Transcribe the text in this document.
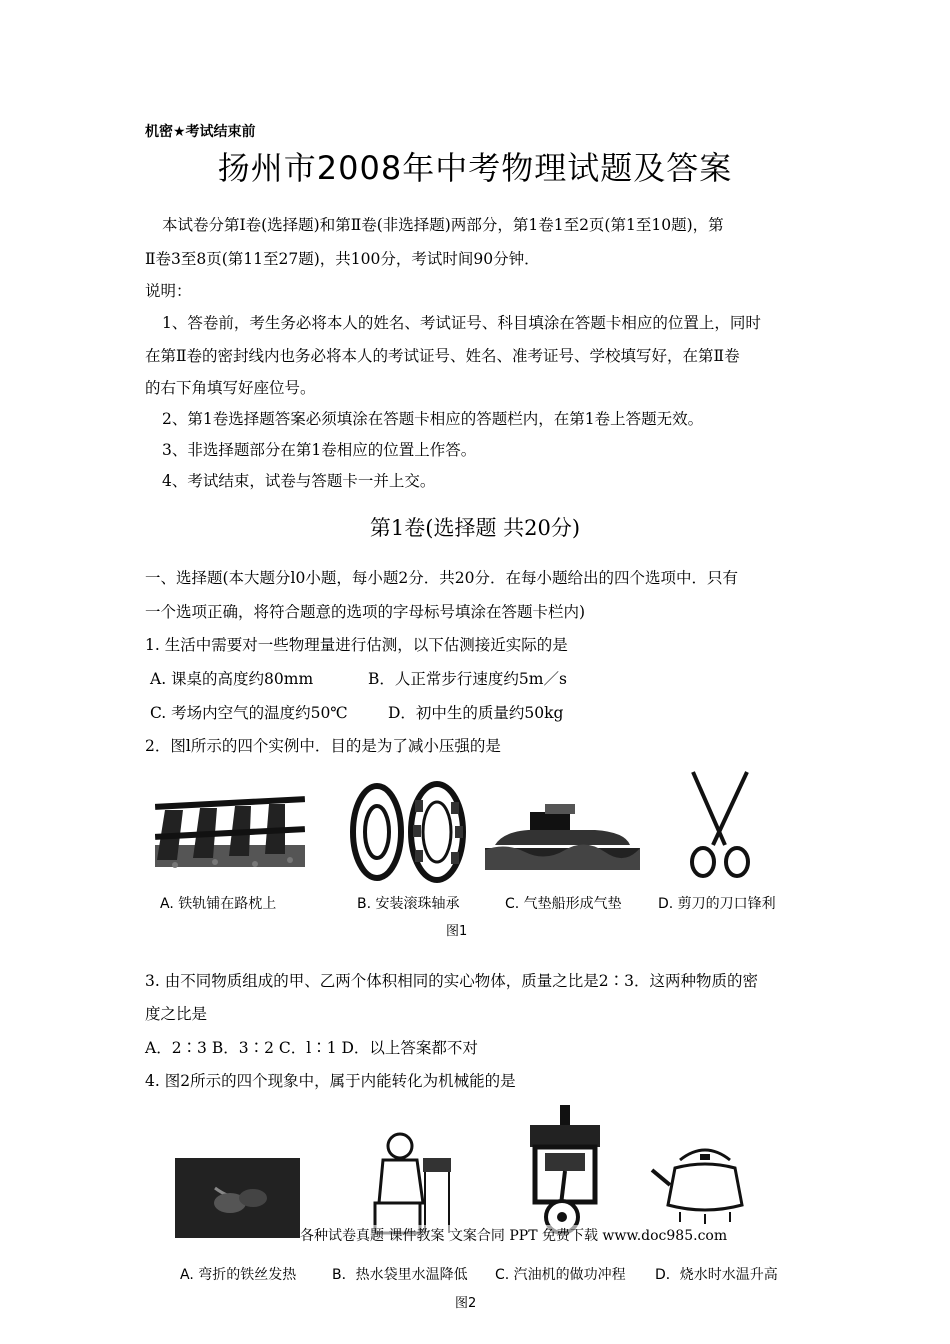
机密★考试结束前
扬州市2008年中考物理试题及答案
本试卷分第Ⅰ卷(选择题)和第Ⅱ卷(非选择题)两部分，第1卷1至2页(第1至10题)，第
Ⅱ卷3至8页(第11至27题)，共100分，考试时间90分钟．
说明：
1、答卷前，考生务必将本人的姓名、考试证号、科目填涂在答题卡相应的位置上，同时
在第Ⅱ卷的密封线内也务必将本人的考试证号、姓名、准考证号、学校填写好，在第Ⅱ卷
的右下角填写好座位号。
2、第1卷选择题答案必须填涂在答题卡相应的答题栏内，在第1卷上答题无效。
3、非选择题部分在第1卷相应的位置上作答。
4、考试结束，试卷与答题卡一并上交。
第1卷(选择题 共20分)
一、选择题(本大题分l0小题，每小题2分．共20分．在每小题给出的四个选项中．只有
一个选项正确，将符合题意的选项的字母标号填涂在答题卡栏内)
1. 生活中需要对一些物理量进行估测，以下估测接近实际的是
A. 课桌的高度约80mm	B．人正常步行速度约5m／s
C. 考场内空气的温度约50℃	D．初中生的质量约50kg
2．图l所示的四个实例中．目的是为了减小压强的是
A. 铁轨铺在路枕上	B. 安装滚珠轴承	C. 气垫船形成气垫	D. 剪刀的刀口锋利
图1
3. 由不同物质组成的甲、乙两个体积相同的实心物体，质量之比是2∶3．这两种物质的密
度之比是
A．2∶3 B．3∶2 C．l∶1 D．以上答案都不对
4. 图2所示的四个现象中，属于内能转化为机械能的是
各种试卷真题 课件教案 文案合同 PPT 免费下载 www.doc985.com
A. 弯折的铁丝发热	B．热水袋里水温降低 C. 汽油机的做功冲程 D．烧水时水温升高
图2
